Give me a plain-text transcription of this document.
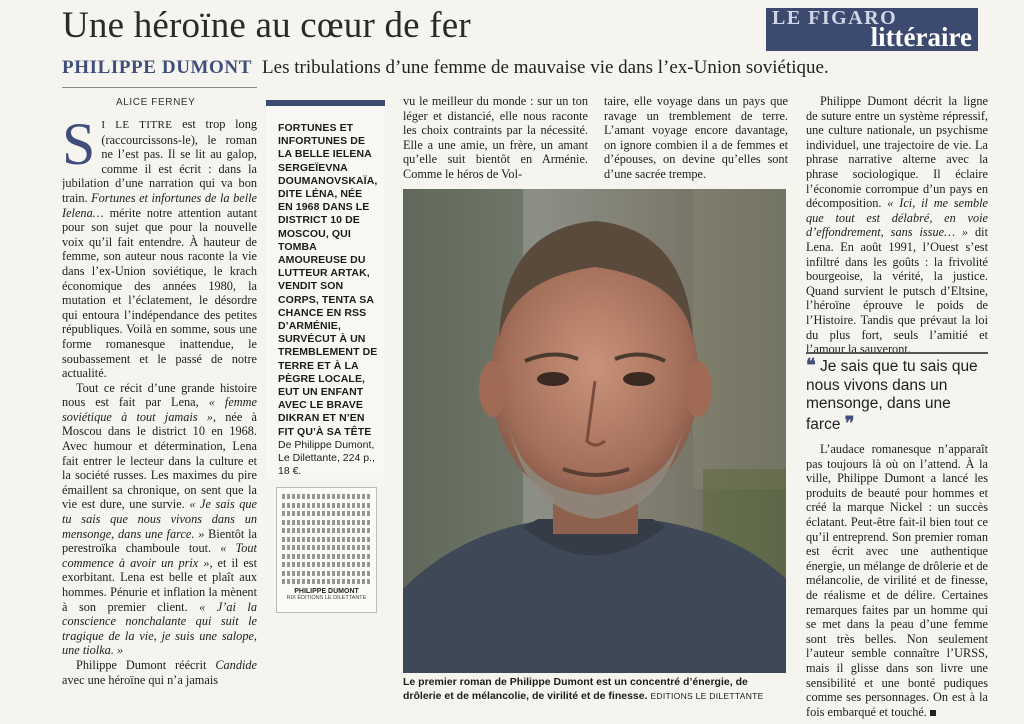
Une héroïne au cœur de fer	LE FIGARO
littéraire
PHILIPPE DUMONT Les tribulations d’une femme de mauvaise vie dans l’ex-Union soviétique.
ALICE FERNEY

S I LE TITRE est trop long (raccourcissons-le), le roman ne l’est pas. Il se lit au galop, comme il est écrit : dans la jubilation d’une narration qui va bon train. Fortunes et infortunes de la belle Ielena… mérite notre attention autant pour son sujet que pour la nouvelle voix qu’il fait entendre. À hauteur de femme, son auteur nous raconte la vie dans l’ex-Union soviétique, le krach économique des années 1980, la mutation et l’éclatement, le désordre qui entoura l’indépendance des petites républiques. Voilà en somme, sous une forme romanesque inattendue, le soubassement et le passé de notre actualité.

Tout ce récit d’une grande histoire nous est fait par Lena, « femme soviétique à tout jamais », née à Moscou dans le district 10 en 1968. Avec humour et détermination, Lena fait entrer le lecteur dans la culture et la société russes. Les maximes du pire émaillent sa chronique, on sent que la vie est dure, une survie. « Je sais que tu sais que nous vivons dans un mensonge, dans une farce. » Bientôt la perestroïka chamboule tout. « Tout commence à avoir un prix », et il est exorbitant. Lena est belle et plaît aux hommes. Pénurie et inflation la mènent à son premier client. « J’ai la conscience nonchalante qui suit le tragique de la vie, je suis une salope, une tiolka. »

Philippe Dumont réécrit Candide avec une héroïne qui n’a jamais

FORTUNES ET INFORTUNES DE LA BELLE IELENA SERGEÏEVNA DOUMANOVSKAÏA, DITE LÉNA, NÉE EN 1968 DANS LE DISTRICT 10 DE MOSCOU, QUI TOMBA AMOUREUSE DU LUTTEUR ARTAK, VENDIT SON CORPS, TENTA SA CHANCE EN RSS D’ARMÉNIE, SURVÉCUT À UN TREMBLEMENT DE TERRE ET À LA PÈGRE LOCALE, EUT UN ENFANT AVEC LE BRAVE DIKRAN ET N’EN FIT QU’À SA TÊTE
De Philippe Dumont, Le Dilettante, 224 p., 18 €.
PHILIPPE DUMONT
RIX ÉDITIONS LE DILETTANTE

vu le meilleur du monde : sur un ton léger et distancié, elle nous raconte les choix contraints par la nécessité. Elle a une amie, un frère, un amant qu’elle suit bientôt en Arménie. Comme le héros de Vol-

taire, elle voyage dans un pays que ravage un tremblement de terre. L’amant voyage encore davantage, on ignore combien il a de femmes et d’épouses, on devine qu’elles sont d’une sacrée trempe.

Le premier roman de Philippe Dumont est un concentré d’énergie, de drôlerie et de mélancolie, de virilité et de finesse. EDITIONS LE DILETTANTE

Philippe Dumont décrit la ligne de suture entre un système répressif, une culture nationale, un psychisme individuel, une trajectoire de vie. La phrase narrative alterne avec la phrase sociologique. Il éclaire l’économie corrompue d’un pays en décomposition. « Ici, il me semble que tout est délabré, en voie d’effondrement, sans issue… » dit Lena. En août 1991, l’Ouest s’est infiltré dans les goûts : la frivolité bourgeoise, la vérité, la justice. Quand survient le putsch d’Eltsine, l’héroïne éprouve le poids de l’Histoire. Tandis que prévaut la loi du plus fort, seuls l’amitié et l’amour la sauveront.

❝ Je sais que tu sais que nous vivons dans un mensonge, dans une farce ❞

L’audace romanesque n’apparaît pas toujours là où on l’attend. À la ville, Philippe Dumont a lancé les produits de beauté pour hommes et créé la marque Nickel : un succès éclatant. Peut-être fait-il bien tout ce qu’il entreprend. Son premier roman est écrit avec une authentique énergie, un mélange de drôlerie et de mélancolie, de virilité et de finesse, de réalisme et de délire. Certaines remarques faites par un homme qui se met dans la peau d’une femme sont très belles. Non seulement l’auteur semble connaître l’URSS, mais il glisse dans son livre une sensibilité et une bonté pudiques comme ses personnages. On est à la fois embarqué et touché.
